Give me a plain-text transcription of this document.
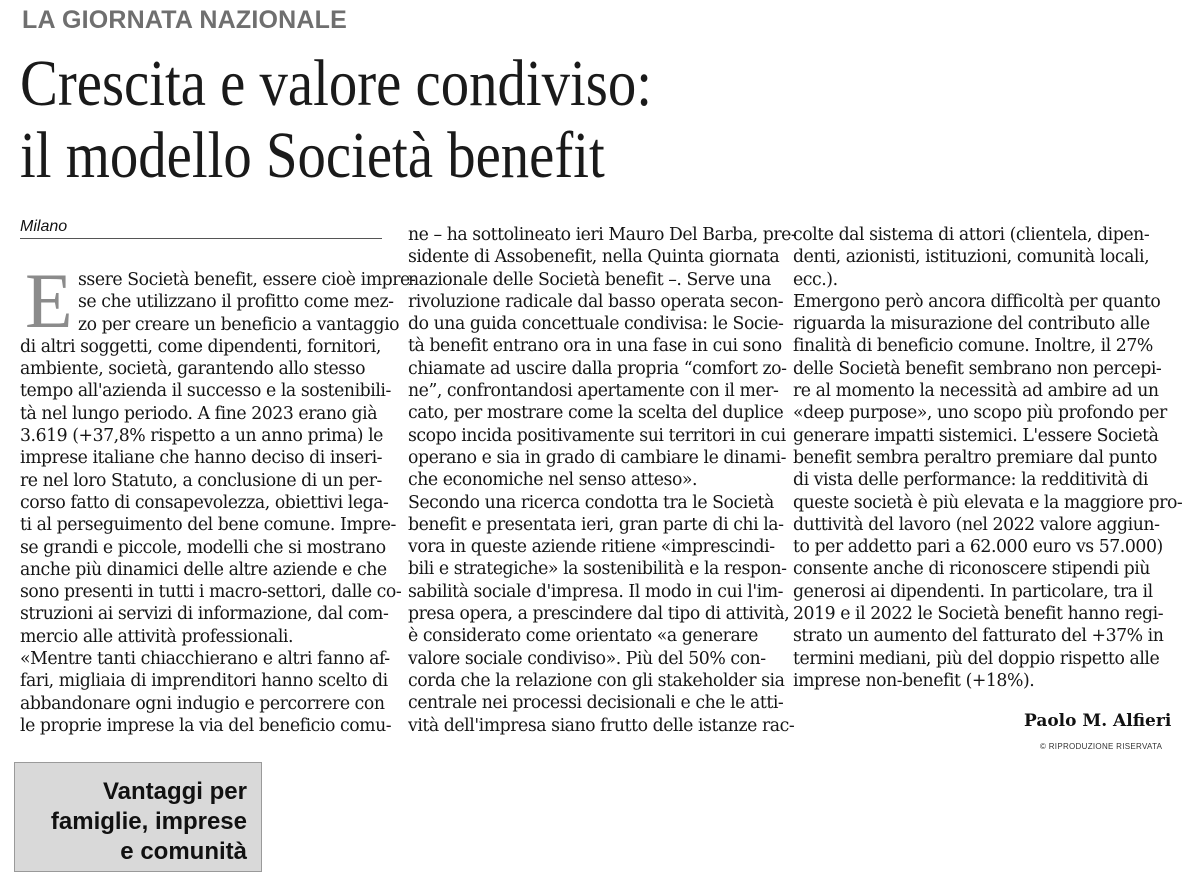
LA GIORNATA NAZIONALE
Crescita e valore condiviso:
il modello Società benefit
Milano
E ssere Società benefit, essere cioè impre-
se che utilizzano il profitto come mez-
zo per creare un beneficio a vantaggio
di altri soggetti, come dipendenti, fornitori,
ambiente, società, garantendo allo stesso
tempo all'azienda il successo e la sostenibili-
tà nel lungo periodo. A fine 2023 erano già
3.619 (+37,8% rispetto a un anno prima) le
imprese italiane che hanno deciso di inseri-
re nel loro Statuto, a conclusione di un per-
corso fatto di consapevolezza, obiettivi lega-
ti al perseguimento del bene comune. Impre-
se grandi e piccole, modelli che si mostrano
anche più dinamici delle altre aziende e che
sono presenti in tutti i macro-settori, dalle co-
struzioni ai servizi di informazione, dal com-
mercio alle attività professionali.
«Mentre tanti chiacchierano e altri fanno af-
fari, migliaia di imprenditori hanno scelto di
abbandonare ogni indugio e percorrere con
le proprie imprese la via del beneficio comu-
ne – ha sottolineato ieri Mauro Del Barba, pre-
sidente di Assobenefit, nella Quinta giornata
nazionale delle Società benefit –. Serve una
rivoluzione radicale dal basso operata secon-
do una guida concettuale condivisa: le Socie-
tà benefit entrano ora in una fase in cui sono
chiamate ad uscire dalla propria “comfort zo-
ne”, confrontandosi apertamente con il mer-
cato, per mostrare come la scelta del duplice
scopo incida positivamente sui territori in cui
operano e sia in grado di cambiare le dinami-
che economiche nel senso atteso».
Secondo una ricerca condotta tra le Società
benefit e presentata ieri, gran parte di chi la-
vora in queste aziende ritiene «imprescindi-
bili e strategiche» la sostenibilità e la respon-
sabilità sociale d'impresa. Il modo in cui l'im-
presa opera, a prescindere dal tipo di attività,
è considerato come orientato «a generare
valore sociale condiviso». Più del 50% con-
corda che la relazione con gli stakeholder sia
centrale nei processi decisionali e che le atti-
vità dell'impresa siano frutto delle istanze rac-
colte dal sistema di attori (clientela, dipen-
denti, azionisti, istituzioni, comunità locali,
ecc.).
Emergono però ancora difficoltà per quanto
riguarda la misurazione del contributo alle
finalità di beneficio comune. Inoltre, il 27%
delle Società benefit sembrano non percepi-
re al momento la necessità ad ambire ad un
«deep purpose», uno scopo più profondo per
generare impatti sistemici. L'essere Società
benefit sembra peraltro premiare dal punto
di vista delle performance: la redditività di
queste società è più elevata e la maggiore pro-
duttività del lavoro (nel 2022 valore aggiun-
to per addetto pari a 62.000 euro vs 57.000)
consente anche di riconoscere stipendi più
generosi ai dipendenti. In particolare, tra il
2019 e il 2022 le Società benefit hanno regi-
strato un aumento del fatturato del +37% in
termini mediani, più del doppio rispetto alle
imprese non-benefit (+18%).
Paolo M. Alfieri
© RIPRODUZIONE RISERVATA
Vantaggi per
famiglie, imprese
e comunità
